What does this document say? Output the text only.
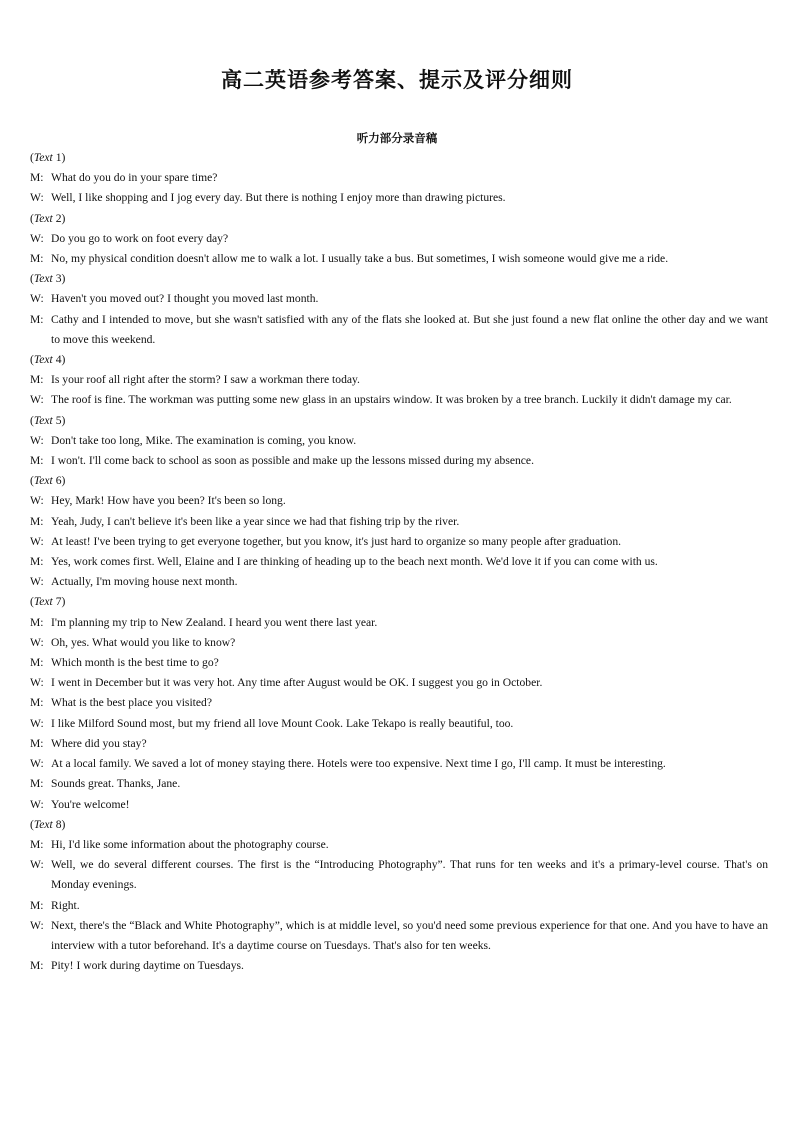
高二英语参考答案、提示及评分细则
听力部分录音稿
(Text 1)
M: What do you do in your spare time?
W: Well, I like shopping and I jog every day. But there is nothing I enjoy more than drawing pictures.
(Text 2)
W: Do you go to work on foot every day?
M: No, my physical condition doesn't allow me to walk a lot. I usually take a bus. But sometimes, I wish someone would give me a ride.
(Text 3)
W: Haven't you moved out? I thought you moved last month.
M: Cathy and I intended to move, but she wasn't satisfied with any of the flats she looked at. But she just found a new flat online the other day and we want to move this weekend.
(Text 4)
M: Is your roof all right after the storm? I saw a workman there today.
W: The roof is fine. The workman was putting some new glass in an upstairs window. It was broken by a tree branch. Luckily it didn't damage my car.
(Text 5)
W: Don't take too long, Mike. The examination is coming, you know.
M: I won't. I'll come back to school as soon as possible and make up the lessons missed during my absence.
(Text 6)
W: Hey, Mark! How have you been? It's been so long.
M: Yeah, Judy, I can't believe it's been like a year since we had that fishing trip by the river.
W: At least! I've been trying to get everyone together, but you know, it's just hard to organize so many people after graduation.
M: Yes, work comes first. Well, Elaine and I are thinking of heading up to the beach next month. We'd love it if you can come with us.
W: Actually, I'm moving house next month.
(Text 7)
M: I'm planning my trip to New Zealand. I heard you went there last year.
W: Oh, yes. What would you like to know?
M: Which month is the best time to go?
W: I went in December but it was very hot. Any time after August would be OK. I suggest you go in October.
M: What is the best place you visited?
W: I like Milford Sound most, but my friend all love Mount Cook. Lake Tekapo is really beautiful, too.
M: Where did you stay?
W: At a local family. We saved a lot of money staying there. Hotels were too expensive. Next time I go, I'll camp. It must be interesting.
M: Sounds great. Thanks, Jane.
W: You're welcome!
(Text 8)
M: Hi, I'd like some information about the photography course.
W: Well, we do several different courses. The first is the “Introducing Photography”. That runs for ten weeks and it's a primary-level course. That's on Monday evenings.
M: Right.
W: Next, there's the “Black and White Photography”, which is at middle level, so you'd need some previous experience for that one. And you have to have an interview with a tutor beforehand. It's a daytime course on Tuesdays. That's also for ten weeks.
M: Pity! I work during daytime on Tuesdays.
